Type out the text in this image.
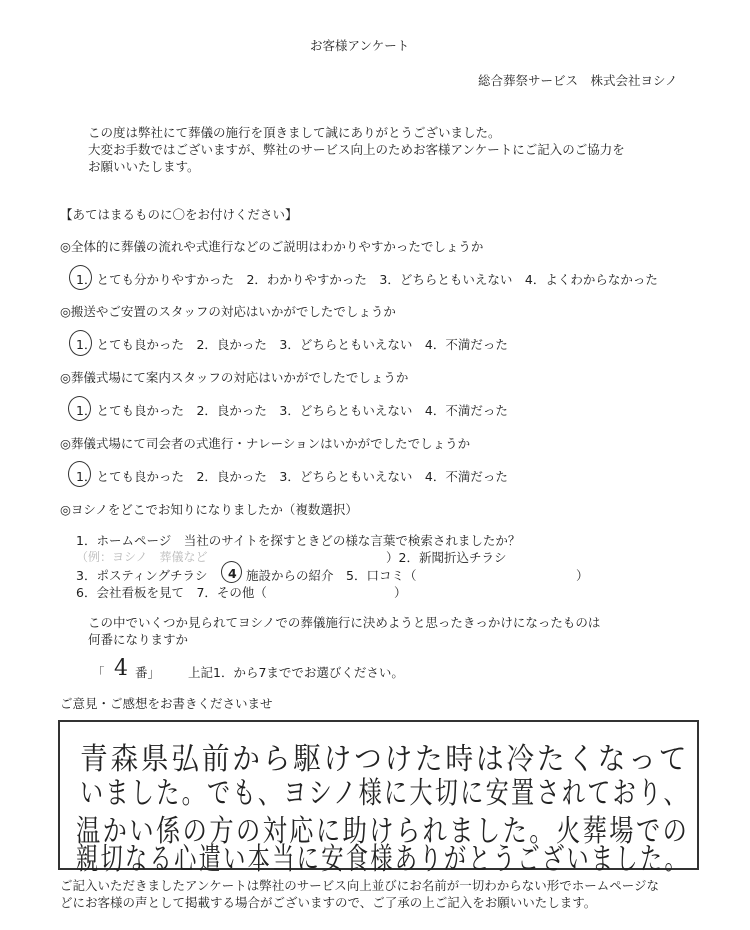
お客様アンケート
総合葬祭サービス　株式会社ヨシノ
この度は弊社にて葬儀の施行を頂きまして誠にありがとうございました。
大変お手数ではございますが、弊社のサービス向上のためお客様アンケートにご記入のご協力を
お願いいたします。
【あてはまるものに〇をお付けください】
◎全体的に葬儀の流れや式進行などのご説明はわかりやすかったでしょうか
1．とても分かりやすかった　2．わかりやすかった　3．どちらともいえない　4．よくわからなかった
◎搬送やご安置のスタッフの対応はいかがでしたでしょうか
1．とても良かった　2．良かった　3．どちらともいえない　4．不満だった
◎葬儀式場にて案内スタッフの対応はいかがでしたでしょうか
1．とても良かった　2．良かった　3．どちらともいえない　4．不満だった
◎葬儀式場にて司会者の式進行・ナレーションはいかがでしたでしょうか
1．とても良かった　2．良かった　3．どちらともいえない　4．不満だった
◎ヨシノをどこでお知りになりましたか（複数選択）
1．ホームページ　当社のサイトを探すときどの様な言葉で検索されましたか？
（例：ヨシノ　葬儀など	）2．新聞折込チラシ
3．ポスティングチラシ 4 施設からの紹介　5．口コミ（	）
6．会社看板を見て　7．その他（	）
この中でいくつか見られてヨシノでの葬儀施行に決めようと思ったきっかけになったものは
何番になりますか
「 4 番」 上記1．から7まででお選びください。
ご意見・ご感想をお書きくださいませ
青森県弘前から駆けつけた時は冷たくなって
いました。でも、ヨシノ様に大切に安置されており、
温かい係の方の対応に助けられました。火葬場での
親切なる心遣い本当に安食様ありがとうございました。
ご記入いただきましたアンケートは弊社のサービス向上並びにお名前が一切わからない形でホームページな
どにお客様の声として掲載する場合がございますので、ご了承の上ご記入をお願いいたします。
